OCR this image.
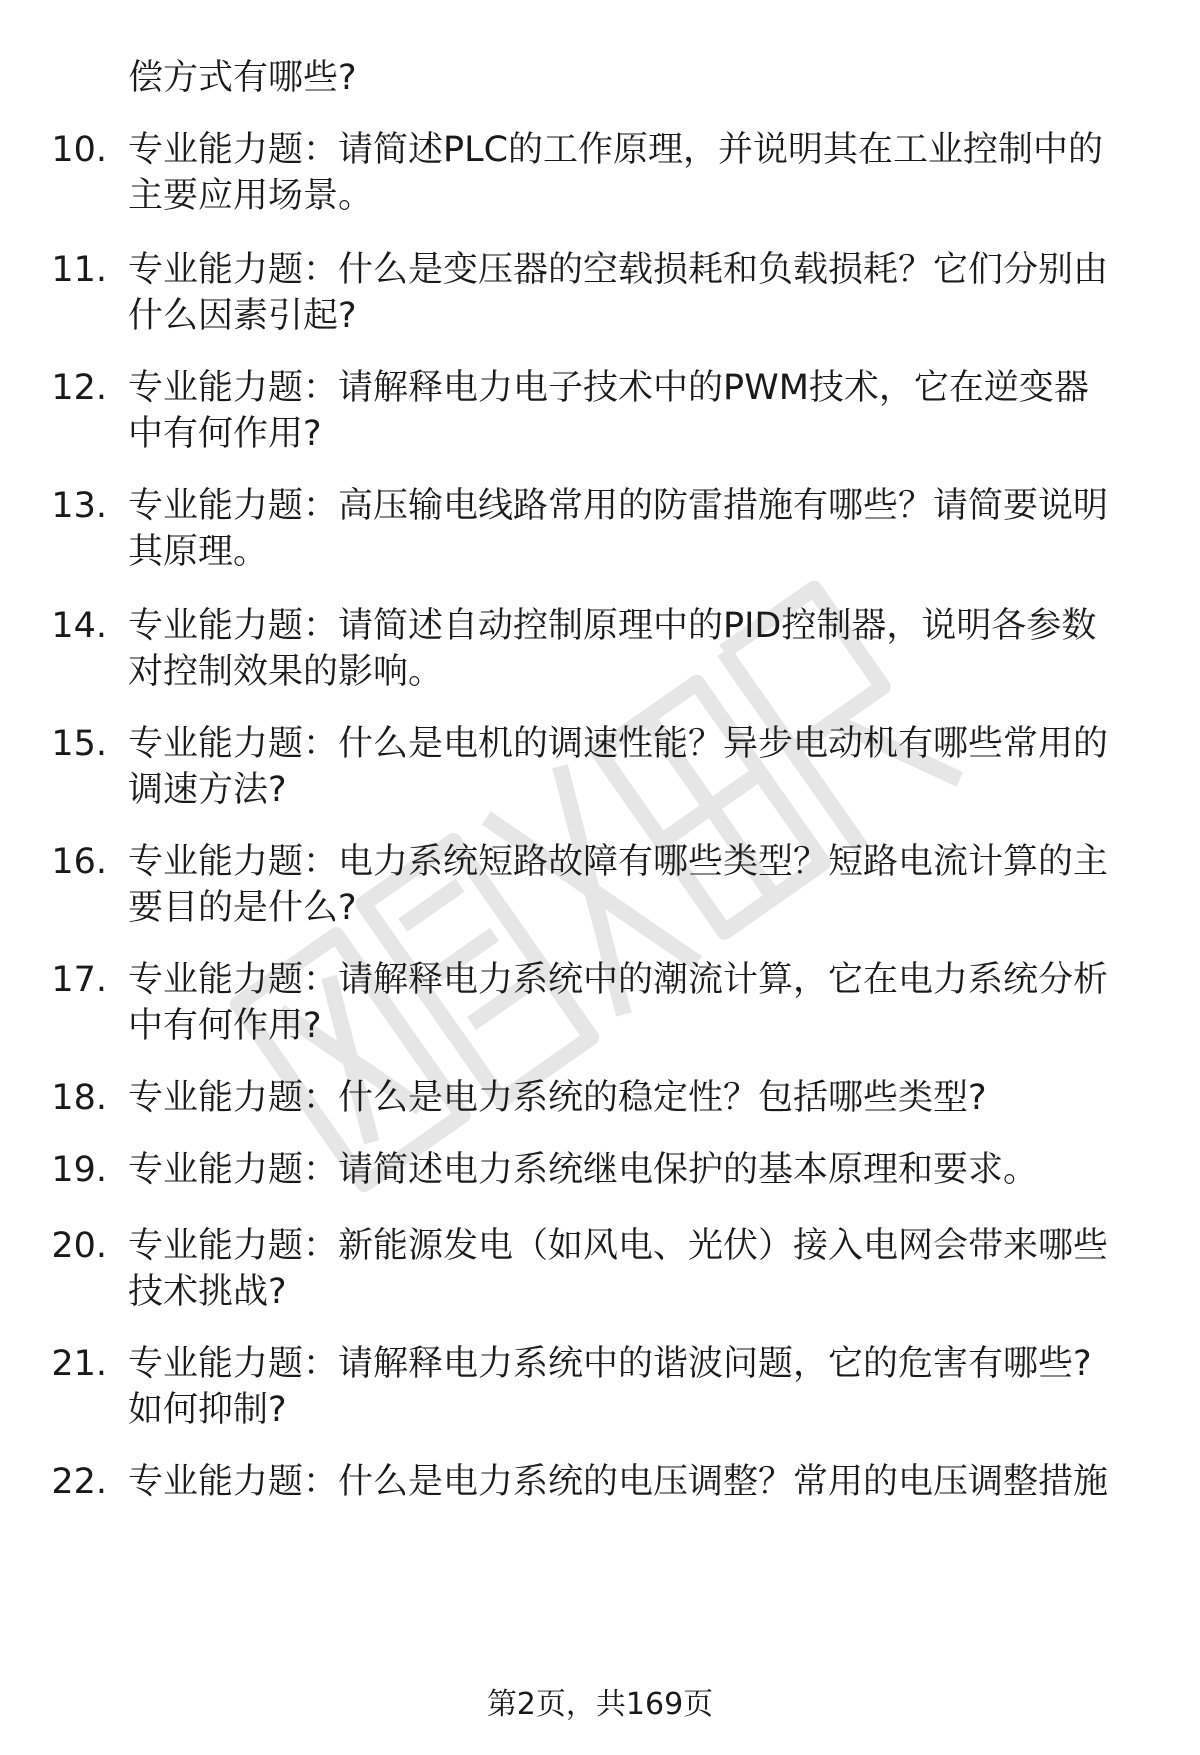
偿方式有哪些?
10. 专业能力题：请简述PLC的工作原理，并说明其在工业控制中的
主要应用场景。
11. 专业能力题：什么是变压器的空载损耗和负载损耗？它们分别由
什么因素引起?
12. 专业能力题：请解释电力电子技术中的PWM技术，它在逆变器
中有何作用?
13. 专业能力题：高压输电线路常用的防雷措施有哪些？请简要说明
其原理。
14. 专业能力题：请简述自动控制原理中的PID控制器，说明各参数
对控制效果的影响。
15. 专业能力题：什么是电机的调速性能？异步电动机有哪些常用的
调速方法?
16. 专业能力题：电力系统短路故障有哪些类型？短路电流计算的主
要目的是什么?
17. 专业能力题：请解释电力系统中的潮流计算，它在电力系统分析
中有何作用?
18. 专业能力题：什么是电力系统的稳定性？包括哪些类型?
19. 专业能力题：请简述电力系统继电保护的基本原理和要求。
20. 专业能力题：新能源发电（如风电、光伏）接入电网会带来哪些
技术挑战?
21. 专业能力题：请解释电力系统中的谐波问题，它的危害有哪些?
如何抑制?
22. 专业能力题：什么是电力系统的电压调整？常用的电压调整措施
第2页，共169页
